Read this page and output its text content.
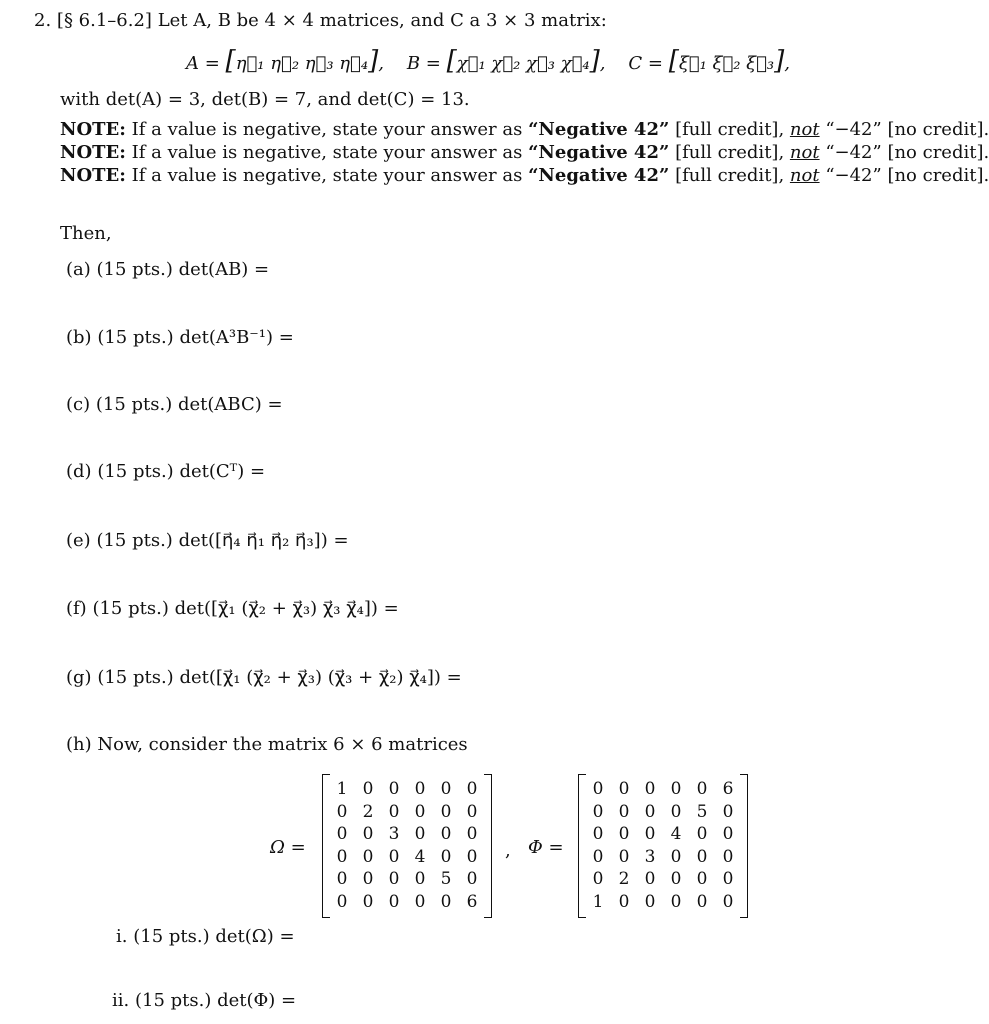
2. [§ 6.1–6.2] Let A, B be 4 × 4 matrices, and C a 3 × 3 matrix:
A = [η⃗₁ η⃗₂ η⃗₃ η⃗₄],    B = [χ⃗₁ χ⃗₂ χ⃗₃ χ⃗₄],    C = [ξ⃗₁ ξ⃗₂ ξ⃗₃],
with det(A) = 3, det(B) = 7, and det(C) = 13.
NOTE: If a value is negative, state your answer as “Negative 42” [full credit], not “−42” [no credit].
NOTE: If a value is negative, state your answer as “Negative 42” [full credit], not “−42” [no credit].
NOTE: If a value is negative, state your answer as “Negative 42” [full credit], not “−42” [no credit].
Then,
(a) (15 pts.) det(AB) =
(b) (15 pts.) det(A³B⁻¹) =
(c) (15 pts.) det(ABC) =
(d) (15 pts.) det(Cᵀ) =
(e) (15 pts.) det([η⃗₄ η⃗₁ η⃗₂ η⃗₃]) =
(f) (15 pts.) det([χ⃗₁ (χ⃗₂ + χ⃗₃) χ⃗₃ χ⃗₄]) =
(g) (15 pts.) det([χ⃗₁ (χ⃗₂ + χ⃗₃) (χ⃗₃ + χ⃗₂) χ⃗₄]) =
(h) Now, consider the matrix 6 × 6 matrices
Ω =
1 0 0 0 0 0
0 2 0 0 0 0
0 0 3 0 0 0
0 0 0 4 0 0
0 0 0 0 5 0
0 0 0 0 0 6
, Φ =
0 0 0 0 0 6
0 0 0 0 5 0
0 0 0 4 0 0
0 0 3 0 0 0
0 2 0 0 0 0
1 0 0 0 0 0
i. (15 pts.) det(Ω) =
ii. (15 pts.) det(Φ) =
